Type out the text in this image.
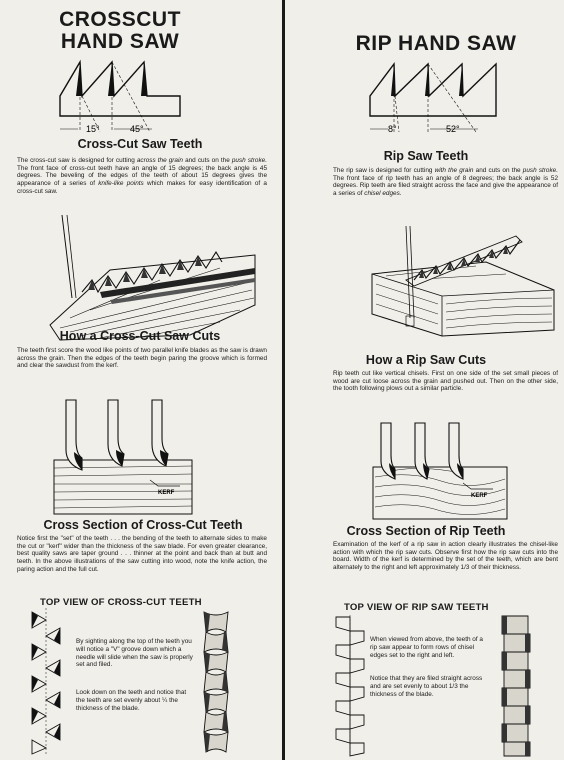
CROSSCUT
HAND SAW
15°	45°
Cross-Cut Saw Teeth
The cross-cut saw is designed for cutting across the grain and cuts on the push stroke. The front face of cross-cut teeth have an angle of 15 degrees; the back angle is 45 degrees. The beveling of the edges of the teeth of about 15 degrees gives the appearance of a series of knife-like points which makes for easy identification of a cross-cut saw.
How a Cross-Cut Saw Cuts
The teeth first score the wood like points of two parallel knife blades as the saw is drawn across the grain. Then the edges of the teeth begin paring the groove which is formed and clear the sawdust from the kerf.
KERF
Cross Section of Cross-Cut Teeth
Notice first the "set" of the teeth . . . the bending of the teeth to alternate sides to make the cut or "kerf" wider than the thickness of the saw blade. For even greater clearance, best quality saws are taper ground . . . thinner at the point and back than at butt and teeth. In the above illustrations of the saw cutting into wood, note the knife action, the paring action and the full cut.
TOP VIEW OF CROSS-CUT TEETH
By sighting along the top of the teeth you will notice a "V" groove down which a needle will slide when the saw is properly set and filed.
Look down on the teeth and notice that the teeth are set evenly about ¼ the thickness of the blade.
RIP HAND SAW
8°	52°
Rip Saw Teeth
The rip saw is designed for cutting with the grain and cuts on the push stroke. The front face of rip teeth has an angle of 8 degrees; the back angle is 52 degrees. Rip teeth are filed straight across the face and give the appearance of a series of chisel edges.
How a Rip Saw Cuts
Rip teeth cut like vertical chisels. First on one side of the set small pieces of wood are cut loose across the grain and pushed out. Then on the other side, the tooth following plows out a similar particle.
KERF
Cross Section of Rip Teeth
Examination of the kerf of a rip saw in action clearly illustrates the chisel-like action with which the rip saw cuts. Observe first how the rip saw cuts into the board. Width of the kerf is determined by the set of the teeth, which are bent alternately to the right and left approximately 1/3 of their thickness.
TOP VIEW OF RIP SAW TEETH
When viewed from above, the teeth of a rip saw appear to form rows of chisel edges set to the right and left.
Notice that they are filed straight across and are set evenly to about 1/3 the thickness of the blade.
